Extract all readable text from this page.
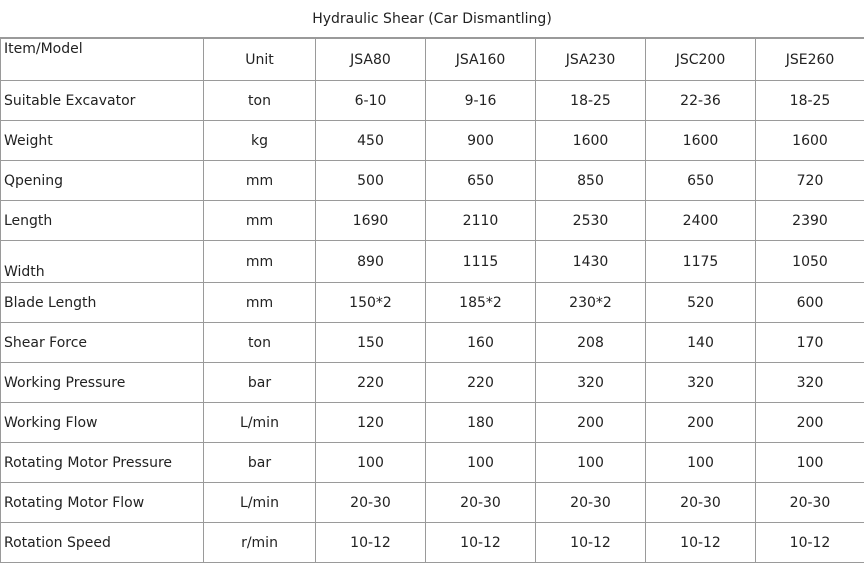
Hydraulic Shear (Car Dismantling)
Item/Model	Unit	JSA80	JSA160	JSA230	JSC200	JSE260
Suitable Excavator	ton	6-10	9-16	18-25	22-36	18-25
Weight	kg	450	900	1600	1600	1600
Qpening	mm	500	650	850	650	720
Length	mm	1690	2110	2530	2400	2390
Width	mm	890	1115	1430	1175	1050
Blade Length	mm	150*2	185*2	230*2	520	600
Shear Force	ton	150	160	208	140	170
Working Pressure	bar	220	220	320	320	320
Working Flow	L/min	120	180	200	200	200
Rotating Motor Pressure	bar	100	100	100	100	100
Rotating Motor Flow	L/min	20-30	20-30	20-30	20-30	20-30
Rotation Speed	r/min	10-12	10-12	10-12	10-12	10-12
